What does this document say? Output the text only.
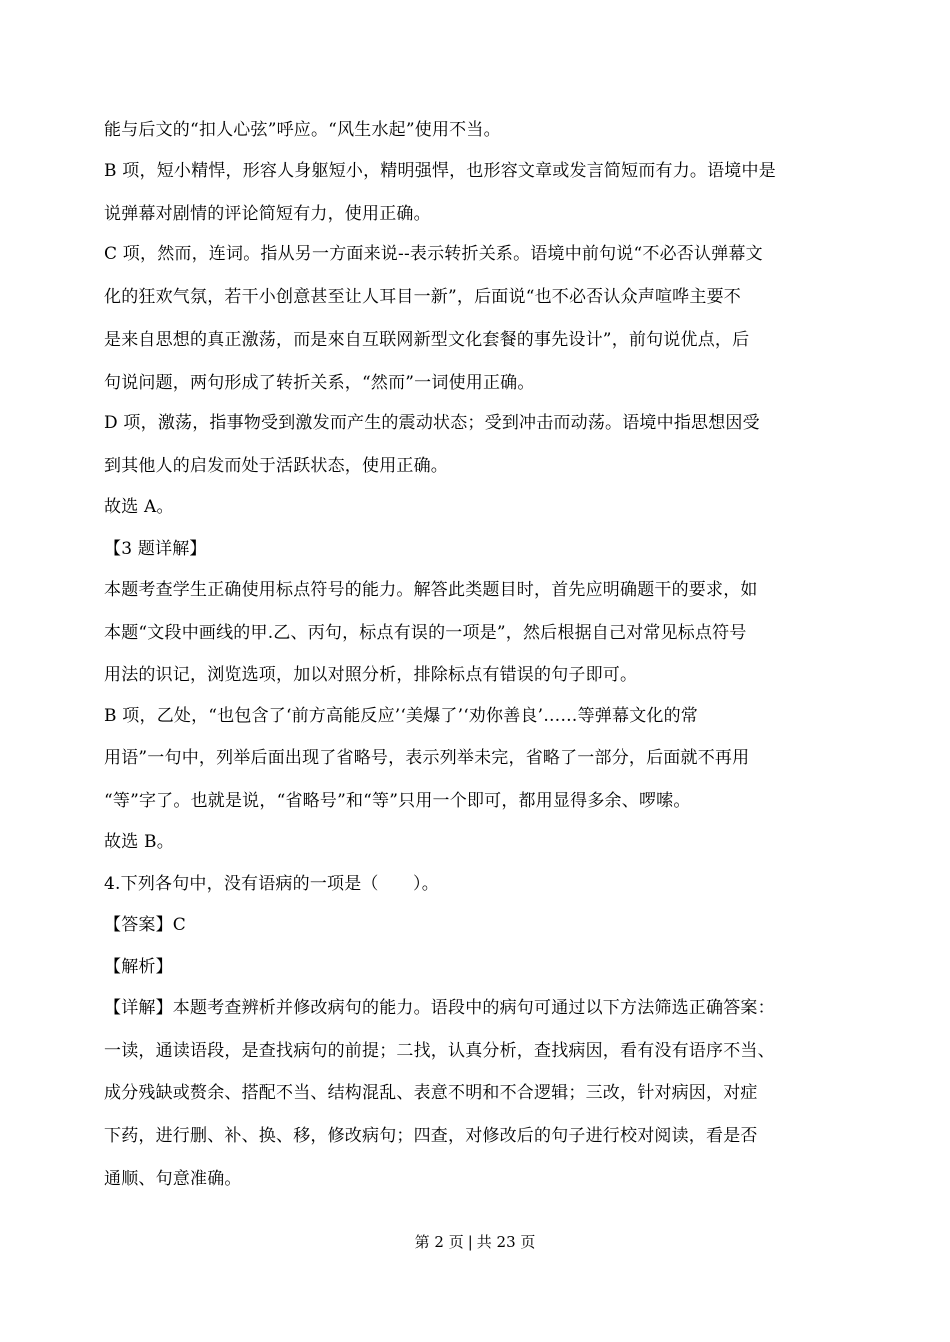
能与后文的“扣人心弦”呼应。“风生水起”使用不当。
B 项，短小精悍，形容人身躯短小，精明强悍，也形容文章或发言简短而有力。语境中是
说弹幕对剧情的评论简短有力，使用正确。
C 项，然而，连词。指从另一方面来说--表示转折关系。语境中前句说“不必否认弹幕文
化的狂欢气氛，若干小创意甚至让人耳目一新”，后面说“也不必否认众声喧哗主要不
是来自思想的真正激荡，而是來自互联网新型文化套餐的事先设计”，前句说优点，后
句说问题，两句形成了转折关系，“然而”一词使用正确。
D 项，激荡，指事物受到激发而产生的震动状态；受到冲击而动荡。语境中指思想因受
到其他人的启发而处于活跃状态，使用正确。
故选 A。
【3 题详解】
本题考查学生正确使用标点符号的能力。解答此类题目时，首先应明确题干的要求，如
本题“文段中画线的甲.乙、丙句，标点有误的一项是”，然后根据自己对常见标点符号
用法的识记，浏览选项，加以对照分析，排除标点有错误的句子即可。
B 项，乙处，“也包含了‘前方高能反应’‘美爆了’‘劝你善良’……等弹幕文化的常
用语”一句中，列举后面出现了省略号，表示列举未完，省略了一部分，后面就不再用
“等”字了。也就是说，“省略号”和“等”只用一个即可，都用显得多余、啰嗦。
故选 B。
4.下列各句中，没有语病的一项是（　　）。
【答案】C
【解析】
【详解】本题考查辨析并修改病句的能力。语段中的病句可通过以下方法筛选正确答案：
一读，通读语段，是查找病句的前提；二找，认真分析，查找病因，看有没有语序不当、
成分残缺或赘余、搭配不当、结构混乱、表意不明和不合逻辑；三改，针对病因，对症
下药，进行删、补、换、移，修改病句；四查，对修改后的句子进行校对阅读，看是否
通顺、句意准确。
第 2 页 | 共 23 页
